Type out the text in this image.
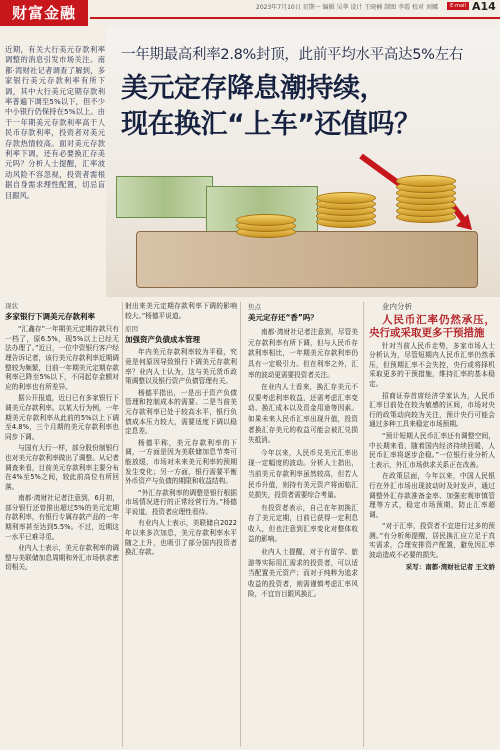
财富金融	2023年7月10日 星期一 编辑 吴华 设计 王晓楠 制图 李霞 校对 刘娜	E-mail A14

近期，有关大行美元存款利率调整的消息引发市场关注。南都·湾财社记者调查了解到，多家银行美元存款利率有所下调，其中大行美元定期存款利率普遍下调至5%以下，但不少中小银行仍保持在5%以上。由于一年期美元存款利率高于人民币存款利率，投资者对美元存款热情较高。面对美元存款利率下调，还有必要换汇存美元吗？分析人士提醒，汇率波动风险不容忽视，投资者需根据自身需求理性配置，切忌盲目跟风。

一年期最高利率2.8%封顶，此前平均水平高达5%左右
美元定存降息潮持续，
现在换汇“上车”还值吗？

现状

多家银行下调美元存款利率

“汇鑫存”一年期美元定期存款只有一档了，原6.5%，现5%以上已经无法办理了。”近日，一位中资银行客户经理告诉记者，该行美元存款利率近期调整较为频繁，目前一年期美元定期存款利率已降至5%以下，不同起存金额对应的利率也有所差异。

据公开报道，近日已有多家银行下调美元存款利率。以某大行为例，一年期美元存款利率从此前的5%以上下调至4.8%，三个月期的美元存款利率也同步下调。

与国有大行一样，部分股份制银行也对美元存款利率做出了调整。从记者调查来看，目前美元存款利率主要分布在4%至5%之间，较此前高位有所回落。

南都·湾财社记者注意到，6月初，部分银行还曾推出超过5%的美元定期存款利率，有银行专属存款产品的一年期利率甚至达到5.5%。不过，近期这一水平已难寻觅。

业内人士表示，美元存款利率的调整与美联储加息周期和外汇市场供求密切相关。

射出来美元定期存款利率下调的影响较大。”杨德平说道。

原因

加强资产负债成本管理

年内美元存款利率较为平稳，究竟是何原因导致银行下调美元存款利率？业内人士认为，这与美元货币政策调整以及银行资产负债管理有关。

杨德平指出，一是出于资产负债管理和控制成本的需要。二是当前美元存款利率已处于较高水平，银行负债成本压力较大，需要适度下调以稳定息差。

杨德平称，美元存款利率的下调，一方面是因为美联储加息节奏可能放缓，市场对未来美元利率的预期发生变化；另一方面，银行需要平衡外币资产与负债的期限和收益结构。

“外汇存款利率的调整是银行根据市场情况进行的正常经营行为。”杨德平说道，投资者应理性看待。

有业内人士表示，美联储自2022年以来多次加息，美元存款利率水平随之上升，也吸引了部分国内投资者换汇存款。

焦点

美元定存还“香”吗？

南都·湾财社记者注意到，尽管美元存款利率有所下调，但与人民币存款利率相比，一年期美元存款利率仍具有一定吸引力。但在利率之外，汇率的波动更需要投资者关注。

在业内人士看来，换汇存美元不仅要考虑利率收益，还需考虑汇率变动、换汇成本以及资金用途等因素。如果未来人民币汇率出现升值，投资者换汇存美元的收益可能会被汇兑损失抵消。

今年以来，人民币兑美元汇率出现一定幅度的波动。分析人士指出，当前美元存款利率虽然较高，但若人民币升值，则持有美元资产将面临汇兑损失，投资者需要综合考量。

有投资者表示，自己在年初换汇存了美元定期，目前已获得一定利息收入，但也注意到汇率变化对整体收益的影响。

业内人士提醒，对于有留学、旅游等实际用汇需求的投资者，可以适当配置美元资产；而对于纯粹为追求收益的投资者，则需谨慎考虑汇率风险，不宜盲目跟风换汇。

业内分析

人民币汇率仍然承压，央行或采取更多干预措施

针对当前人民币走势，多家市场人士分析认为，尽管短期内人民币汇率仍然承压，但预期汇率不会失控，央行或将择机采取更多的干预措施，维持汇率的基本稳定。

招商证券首席经济学家认为，人民币汇率目前处在较为敏感的区间，市场对央行的政策动向较为关注，预计央行可能会通过多种工具来稳定市场预期。

“预计短期人民币汇率还有调整空间，中长期来看，随着国内经济持续回暖，人民币汇率将逐步企稳。”一位银行业分析人士表示，外汇市场供求关系正在改善。

在政策层面，今年以来，中国人民银行在外汇市场出现波动时及时发声，通过调整外汇存款准备金率、加强宏观审慎管理等方式，稳定市场预期，防止汇率超调。

“对于汇率，投资者不宜进行过多的预测。”有分析师提醒，居民换汇应立足于真实需求，合理安排资产配置，避免因汇率波动造成不必要的损失。

采写：南都·湾财社记者 王文娇
